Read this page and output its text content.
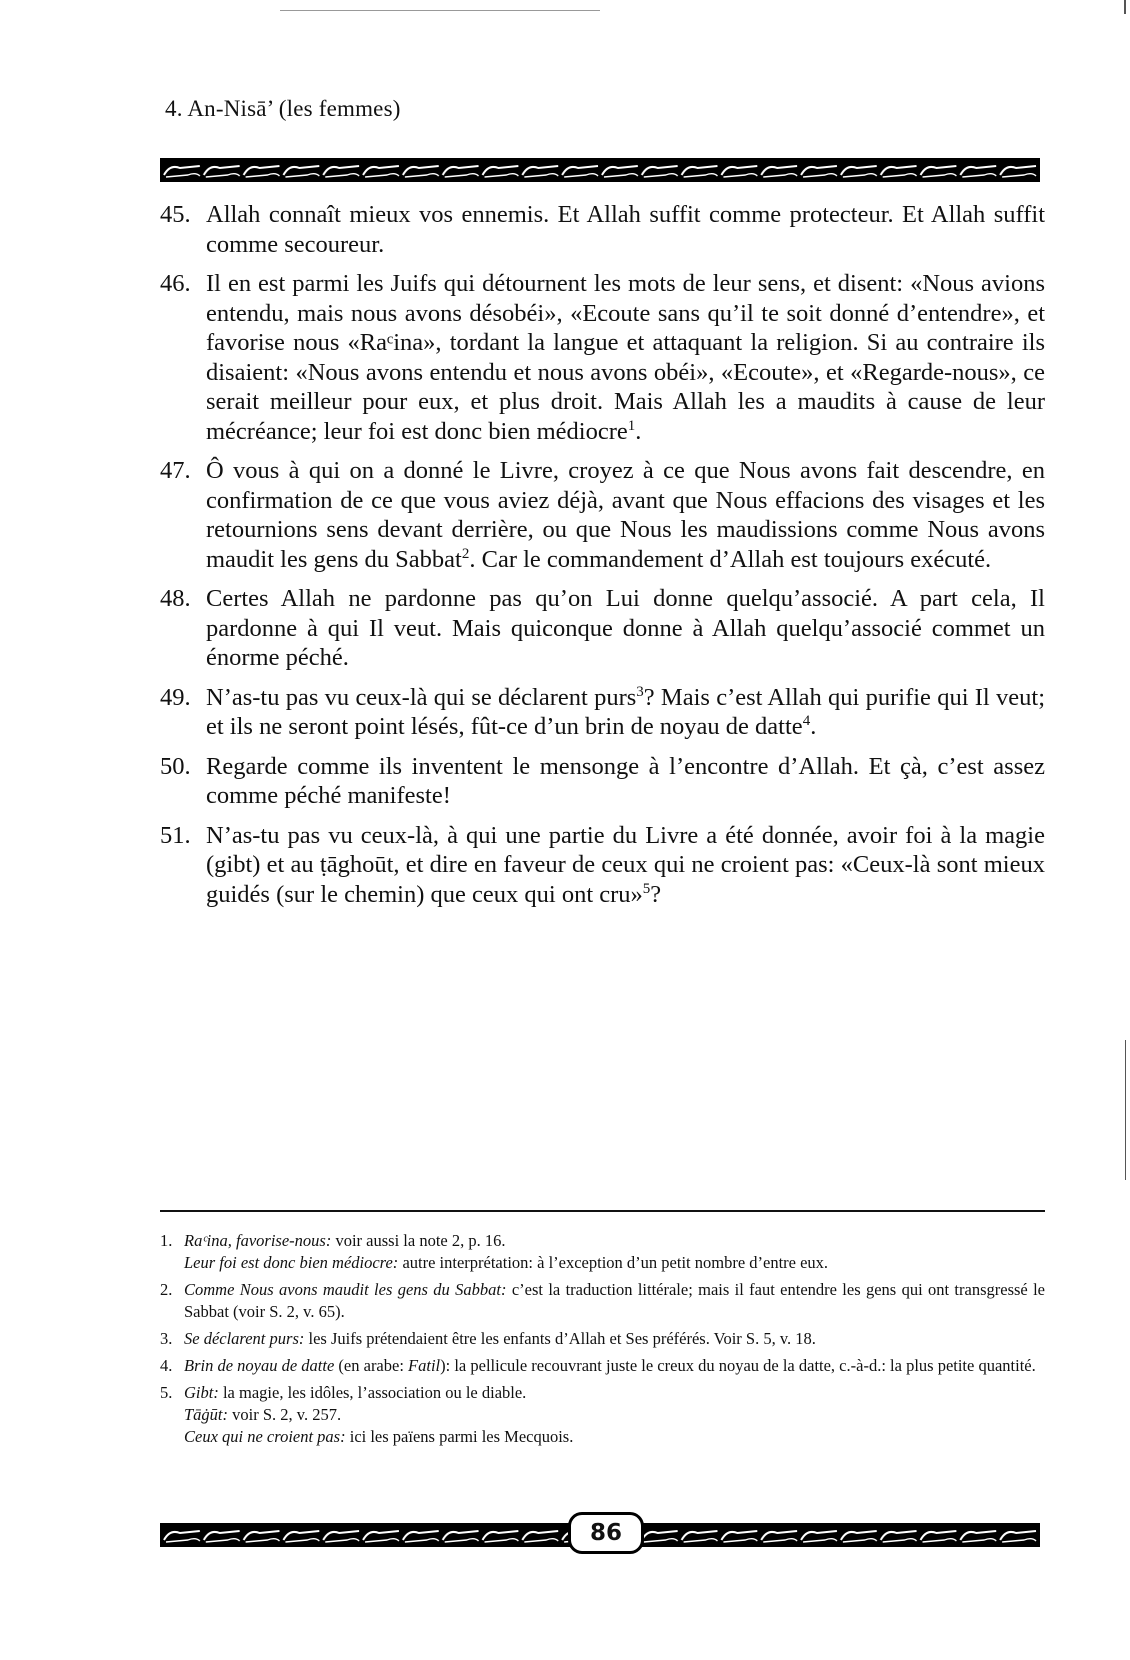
4. An-Nisā’ (les femmes)
45. Allah connaît mieux vos ennemis. Et Allah suffit comme protecteur. Et Allah suffit comme secoureur.
46. Il en est parmi les Juifs qui détournent les mots de leur sens, et disent: «Nous avions entendu, mais nous avons désobéi», «Ecoute sans qu’il te soit donné d’entendre», et favorise nous «Raᶜina», tordant la langue et attaquant la religion. Si au contraire ils disaient: «Nous avons entendu et nous avons obéi», «Ecoute», et «Regarde-nous», ce serait meilleur pour eux, et plus droit. Mais Allah les a maudits à cause de leur mécréance; leur foi est donc bien médiocre$^1$.
47. Ô vous à qui on a donné le Livre, croyez à ce que Nous avons fait descendre, en confirmation de ce que vous aviez déjà, avant que Nous effacions des visages et les retournions sens devant derrière, ou que Nous les maudissions comme Nous avons maudit les gens du Sabbat$^2$. Car le commandement d’Allah est toujours exécuté.
48. Certes Allah ne pardonne pas qu’on Lui donne quelqu’associé. A part cela, Il pardonne à qui Il veut. Mais quiconque donne à Allah quelqu’associé commet un énorme péché.
49. N’as-tu pas vu ceux-là qui se déclarent purs$^3$? Mais c’est Allah qui purifie qui Il veut; et ils ne seront point lésés, fût-ce d’un brin de noyau de datte$^4$.
50. Regarde comme ils inventent le mensonge à l’encontre d’Allah. Et çà, c’est assez comme péché manifeste!
51. N’as-tu pas vu ceux-là, à qui une partie du Livre a été donnée, avoir foi à la magie (gibt) et au ṭāghoūt, et dire en faveur de ceux qui ne croient pas: «Ceux-là sont mieux guidés (sur le chemin) que ceux qui ont cru»$^5$?
1. Raᶜina, favorise-nous: voir aussi la note 2, p. 16.
Leur foi est donc bien médiocre: autre interprétation: à l’exception d’un petit nombre d’entre eux.
2. Comme Nous avons maudit les gens du Sabbat: c’est la traduction littérale; mais il faut entendre les gens qui ont transgressé le Sabbat (voir S. 2, v. 65).
3. Se déclarent purs: les Juifs prétendaient être les enfants d’Allah et Ses préférés. Voir S. 5, v. 18.
4. Brin de noyau de datte (en arabe: Fatil): la pellicule recouvrant juste le creux du noyau de la datte, c.-à-d.: la plus petite quantité.
5. Gibt: la magie, les idôles, l’association ou le diable.
Tāġūt: voir S. 2, v. 257.
Ceux qui ne croient pas: ici les païens parmi les Mecquois.
86
